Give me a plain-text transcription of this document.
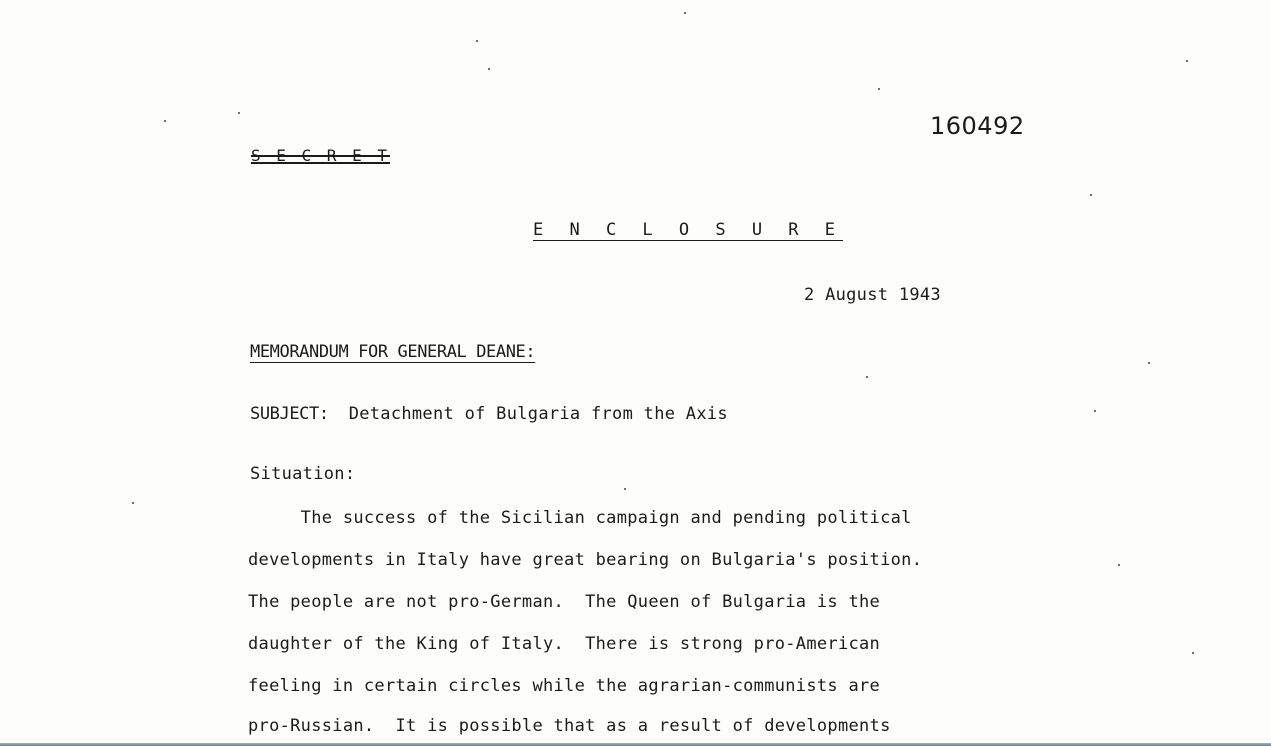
160492
S-E-C-R-E-T
E N C L O S U R E
2 August 1943
MEMORANDUM FOR GENERAL DEANE:
SUBJECT: Detachment of Bulgaria from the Axis
Situation:
The success of the Sicilian campaign and pending political
developments in Italy have great bearing on Bulgaria's position.
The people are not pro-German.  The Queen of Bulgaria is the
daughter of the King of Italy.  There is strong pro-American
feeling in certain circles while the agrarian-communists are
pro-Russian.  It is possible that as a result of developments
